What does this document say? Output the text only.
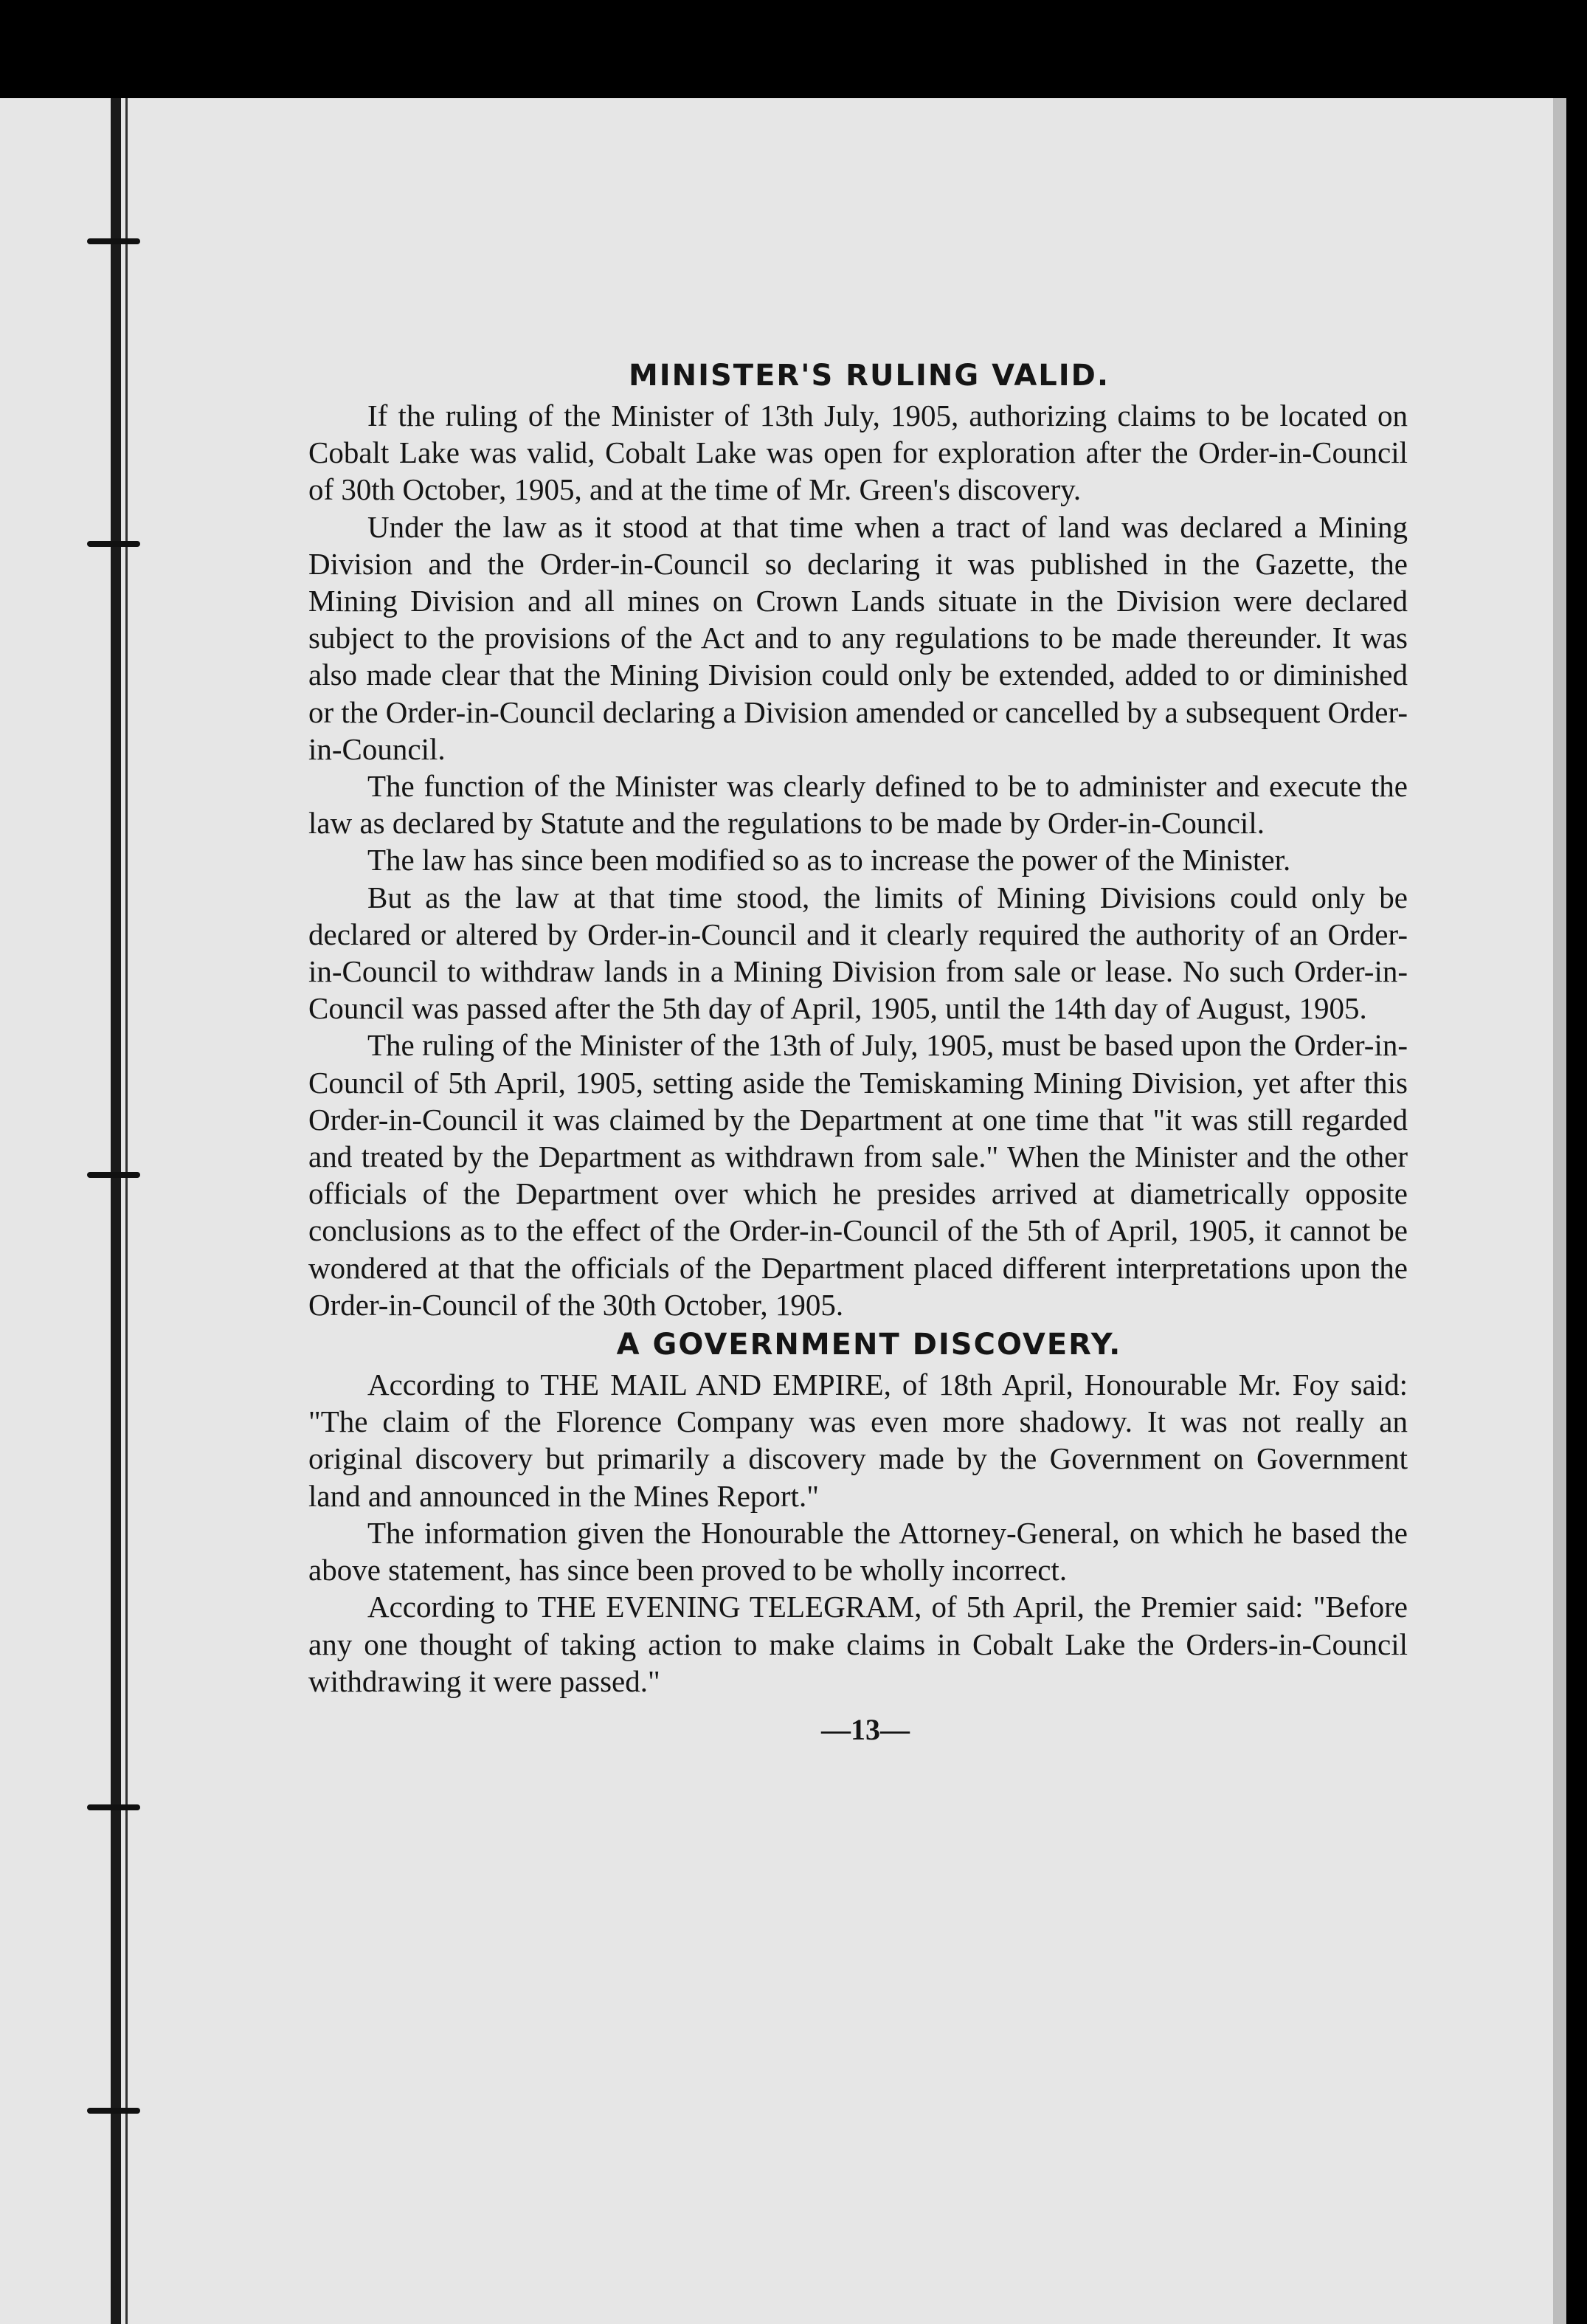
MINISTER'S RULING VALID.

If the ruling of the Minister of 13th July, 1905, authorizing claims to be located on Cobalt Lake was valid, Cobalt Lake was open for exploration after the Order-in-Council of 30th October, 1905, and at the time of Mr. Green's discovery.

Under the law as it stood at that time when a tract of land was declared a Mining Division and the Order-in-Council so declaring it was published in the Gazette, the Mining Division and all mines on Crown Lands situate in the Division were declared subject to the provisions of the Act and to any regulations to be made thereunder. It was also made clear that the Mining Division could only be extended, added to or diminished or the Order-in-Council declaring a Division amended or cancelled by a subsequent Order-in-Council.

The function of the Minister was clearly defined to be to administer and execute the law as declared by Statute and the regulations to be made by Order-in-Council.

The law has since been modified so as to increase the power of the Minister.

But as the law at that time stood, the limits of Mining Divisions could only be declared or altered by Order-in-Council and it clearly required the authority of an Order-in-Council to withdraw lands in a Mining Division from sale or lease. No such Order-in-Council was passed after the 5th day of April, 1905, until the 14th day of August, 1905.

The ruling of the Minister of the 13th of July, 1905, must be based upon the Order-in-Council of 5th April, 1905, setting aside the Temiskaming Mining Division, yet after this Order-in-Council it was claimed by the Department at one time that "it was still regarded and treated by the Department as withdrawn from sale." When the Minister and the other officials of the Department over which he presides arrived at diametrically opposite conclusions as to the effect of the Order-in-Council of the 5th of April, 1905, it cannot be wondered at that the officials of the Department placed different interpretations upon the Order-in-Council of the 30th October, 1905.

A GOVERNMENT DISCOVERY.

According to THE MAIL AND EMPIRE, of 18th April, Honourable Mr. Foy said: "The claim of the Florence Company was even more shadowy. It was not really an original discovery but primarily a discovery made by the Government on Government land and announced in the Mines Report."

The information given the Honourable the Attorney-General, on which he based the above statement, has since been proved to be wholly incorrect.

According to THE EVENING TELEGRAM, of 5th April, the Premier said: "Before any one thought of taking action to make claims in Cobalt Lake the Orders-in-Council withdrawing it were passed."

—13—
